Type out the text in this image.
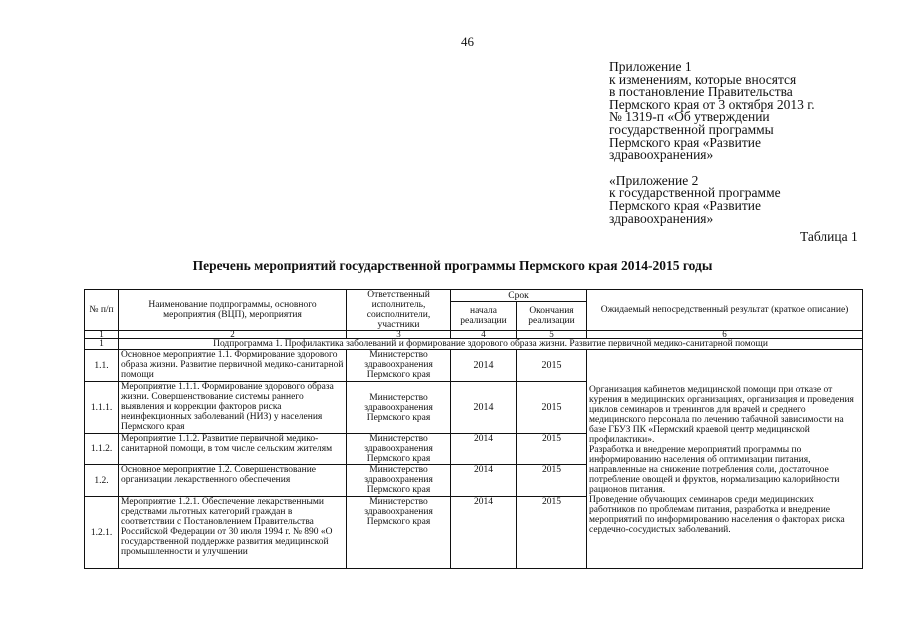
46
Приложение 1
к изменениям, которые вносятся
в постановление Правительства
Пермского края от 3 октября 2013 г.
№ 1319-п «Об утверждении
государственной программы
Пермского края «Развитие
здравоохранения»
«Приложение 2
к государственной программе
Пермского края «Развитие
здравоохранения»
Таблица 1
Перечень мероприятий государственной программы Пермского края 2014-2015 годы
№ п/п	Наименование подпрограммы, основного мероприятия (ВЦП), мероприятия	Ответственный исполнитель, соисполнители, участники	Срок		Ожидаемый непосредственный результат (краткое описание)
			начала реализации	Окончания реализации	
1	2	3	4	5	6
1	Подпрограмма 1. Профилактика заболеваний и формирование здорового образа жизни. Развитие первичной медико-санитарной помощи				
1.1.	Основное мероприятие 1.1. Формирование здорового образа жизни. Развитие первичной медико-санитарной помощи	Министерство здравоохранения Пермского края	2014	2015	Организация кабинетов медицинской помощи при отказе от курения в медицинских организациях, организация и проведения циклов семинаров и тренингов для врачей и среднего медицинского персонала по лечению табачной зависимости на базе ГБУЗ ПК «Пермский краевой центр медицинской профилактики».
Разработка и внедрение мероприятий программы по информированию населения об оптимизации питания, направленные на снижение потребления соли, достаточное потребление овощей и фруктов, нормализацию калорийности рационов питания.
Проведение обучающих семинаров среди медицинских работников по проблемам питания, разработка и внедрение мероприятий по информированию населения о факторах риска сердечно-сосудистых заболеваний.

1.1.1.	Мероприятие 1.1.1. Формирование здорового образа жизни. Совершенствование системы раннего выявления и коррекции факторов риска неинфекционных заболеваний (НИЗ) у населения Пермского края	Министерство здравоохранения Пермского края	2014	2015	
1.1.2.	Мероприятие 1.1.2. Развитие первичной медико-санитарной помощи, в том числе сельским жителям	Министерство здравоохранения Пермского края	2014	2015	
1.2.	Основное мероприятие 1.2. Совершенствование организации лекарственного обеспечения	Министерство здравоохранения Пермского края	2014	2015	
1.2.1.	Мероприятие 1.2.1. Обеспечение лекарственными средствами льготных категорий граждан в соответствии с Постановлением Правительства Российской Федерации от 30 июля 1994 г. № 890 «О государственной поддержке развития медицинской промышленности и улучшении	Министерство здравоохранения Пермского края	2014	2015	
